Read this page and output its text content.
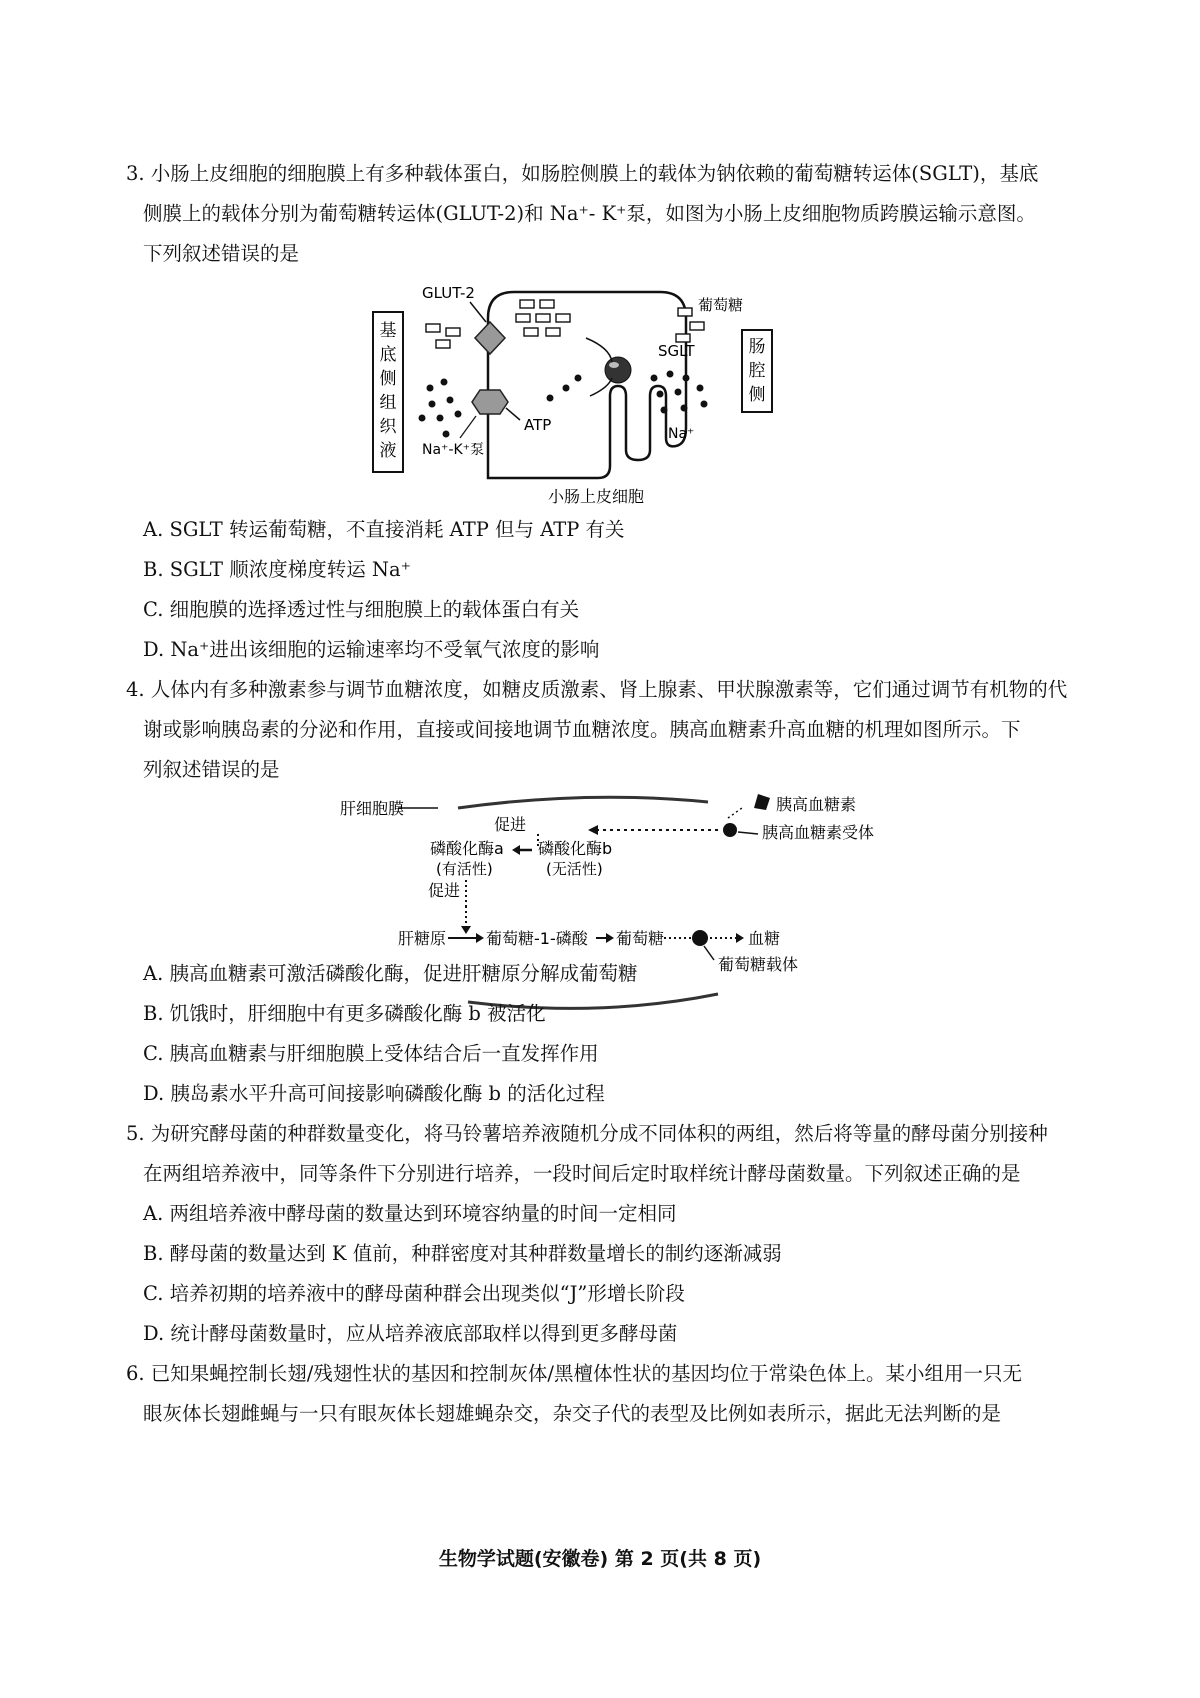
3. 小肠上皮细胞的细胞膜上有多种载体蛋白，如肠腔侧膜上的载体为钠依赖的葡萄糖转运体(SGLT)，基底
侧膜上的载体分别为葡萄糖转运体(GLUT-2)和 Na⁺- K⁺泵，如图为小肠上皮细胞物质跨膜运输示意图。
下列叙述错误的是
基
底
侧
组
织
液
肠
腔
侧
GLUT-2
ATP
Na⁺-K⁺泵
葡萄糖
SGLT
Na⁺
小肠上皮细胞
A. SGLT 转运葡萄糖，不直接消耗 ATP 但与 ATP 有关
B. SGLT 顺浓度梯度转运 Na⁺
C. 细胞膜的选择透过性与细胞膜上的载体蛋白有关
D. Na⁺进出该细胞的运输速率均不受氧气浓度的影响
4. 人体内有多种激素参与调节血糖浓度，如糖皮质激素、肾上腺素、甲状腺激素等，它们通过调节有机物的代
谢或影响胰岛素的分泌和作用，直接或间接地调节血糖浓度。胰高血糖素升高血糖的机理如图所示。下
列叙述错误的是
肝细胞膜	胰高血糖素
胰高血糖素受体
促进
磷酸化酶a
(有活性)
磷酸化酶b
(无活性)
促进
肝糖原 葡萄糖-1-磷酸 葡萄糖	血糖
葡萄糖载体
A. 胰高血糖素可激活磷酸化酶，促进肝糖原分解成葡萄糖
B. 饥饿时，肝细胞中有更多磷酸化酶 b 被活化
C. 胰高血糖素与肝细胞膜上受体结合后一直发挥作用
D. 胰岛素水平升高可间接影响磷酸化酶 b 的活化过程
5. 为研究酵母菌的种群数量变化，将马铃薯培养液随机分成不同体积的两组，然后将等量的酵母菌分别接种
在两组培养液中，同等条件下分别进行培养，一段时间后定时取样统计酵母菌数量。下列叙述正确的是
A. 两组培养液中酵母菌的数量达到环境容纳量的时间一定相同
B. 酵母菌的数量达到 K 值前，种群密度对其种群数量增长的制约逐渐减弱
C. 培养初期的培养液中的酵母菌种群会出现类似“J”形增长阶段
D. 统计酵母菌数量时，应从培养液底部取样以得到更多酵母菌
6. 已知果蝇控制长翅/残翅性状的基因和控制灰体/黑檀体性状的基因均位于常染色体上。某小组用一只无
眼灰体长翅雌蝇与一只有眼灰体长翅雄蝇杂交，杂交子代的表型及比例如表所示，据此无法判断的是
生物学试题(安徽卷) 第 2 页(共 8 页)
